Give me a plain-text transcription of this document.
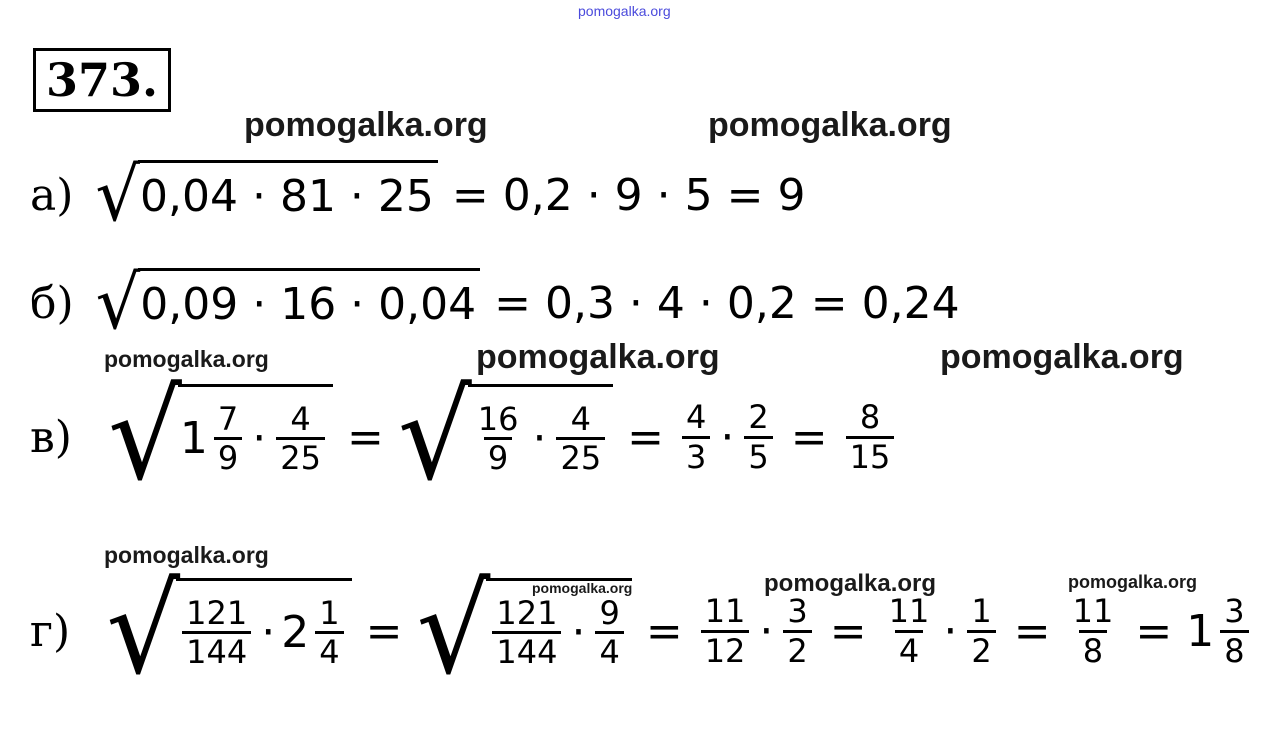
pomogalka.org
pomogalka.org	pomogalka.org
pomogalka.org	pomogalka.org	pomogalka.org
pomogalka.org
pomogalka.org	pomogalka.org	pomogalka.org
373.
а) √ 0,04 · 81 · 25 = 0,2 · 9 · 5 = 9
б) √ 0,09 · 16 · 0,04 = 0,3 · 4 · 0,2 = 0,24
в) √
$1 \frac{7}{9} \cdot \frac{4}{25}$ = √ $\frac{16}{9} \cdot \frac{4}{25} = \frac{4}{3} \cdot \frac{2}{5} = \frac{8}{15}$
г) √ $\frac{121}{144} \cdot 2 \frac{1}{4}$ = √ $\frac{121}{144} \cdot \frac{9}{4} = \frac{11}{12} \cdot \frac{3}{2} = \frac{11}{4} \cdot \frac{1}{2} = \frac{11}{8} = 1 \frac{3}{8}$
